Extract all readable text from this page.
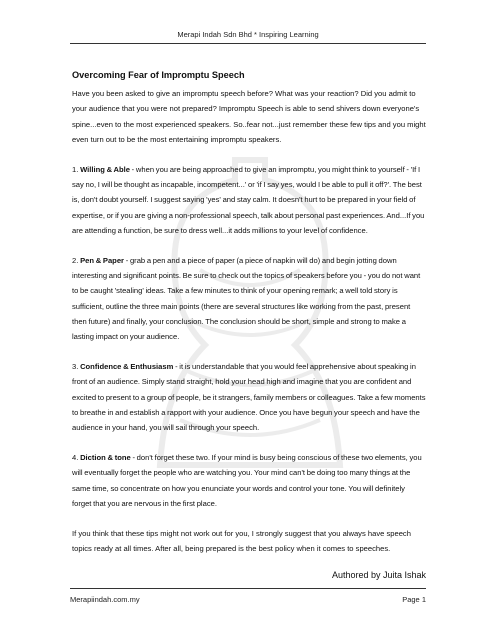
Merapi Indah Sdn Bhd * Inspiring Learning
Overcoming Fear of Impromptu Speech

Have you been asked to give an impromptu speech before? What was your reaction? Did you admit to your audience that you were not prepared? Impromptu Speech is able to send shivers down everyone's spine...even to the most experienced speakers. So..fear not...just remember these few tips and you might even turn out to be the most entertaining impromptu speakers.

1. Willing & Able - when you are being approached to give an impromptu, you might think to yourself - 'If I say no, I will be thought as incapable, incompetent...' or 'if I say yes, would I be able to pull it off?'. The best is, don't doubt yourself. I suggest saying 'yes' and stay calm. It doesn't hurt to be prepared in your field of expertise, or if you are giving a non-professional speech, talk about personal past experiences. And...If you are attending a function, be sure to dress well...it adds millions to your level of confidence.

2. Pen & Paper - grab a pen and a piece of paper (a piece of napkin will do) and begin jotting down interesting and significant points. Be sure to check out the topics of speakers before you - you do not want to be caught 'stealing' ideas. Take a few minutes to think of your opening remark; a well told story is sufficient, outline the three main points (there are several structures like working from the past, present then future) and finally, your conclusion. The conclusion should be short, simple and strong to make a lasting impact on your audience.

3. Confidence & Enthusiasm - it is understandable that you would feel apprehensive about speaking in front of an audience. Simply stand straight, hold your head high and imagine that you are confident and excited to present to a group of people, be it strangers, family members or colleagues. Take a few moments to breathe in and establish a rapport with your audience. Once you have begun your speech and have the audience in your hand, you will sail through your speech.

4. Diction & tone - don't forget these two. If your mind is busy being conscious of these two elements, you will eventually forget the people who are watching you. Your mind can't be doing too many things at the same time, so concentrate on how you enunciate your words and control your tone. You will definitely forget that you are nervous in the first place.

If you think that these tips might not work out for you, I strongly suggest that you always have speech topics ready at all times. After all, being prepared is the best policy when it comes to speeches.

Authored by Juita Ishak
Merapiindah.com.my	Page 1
